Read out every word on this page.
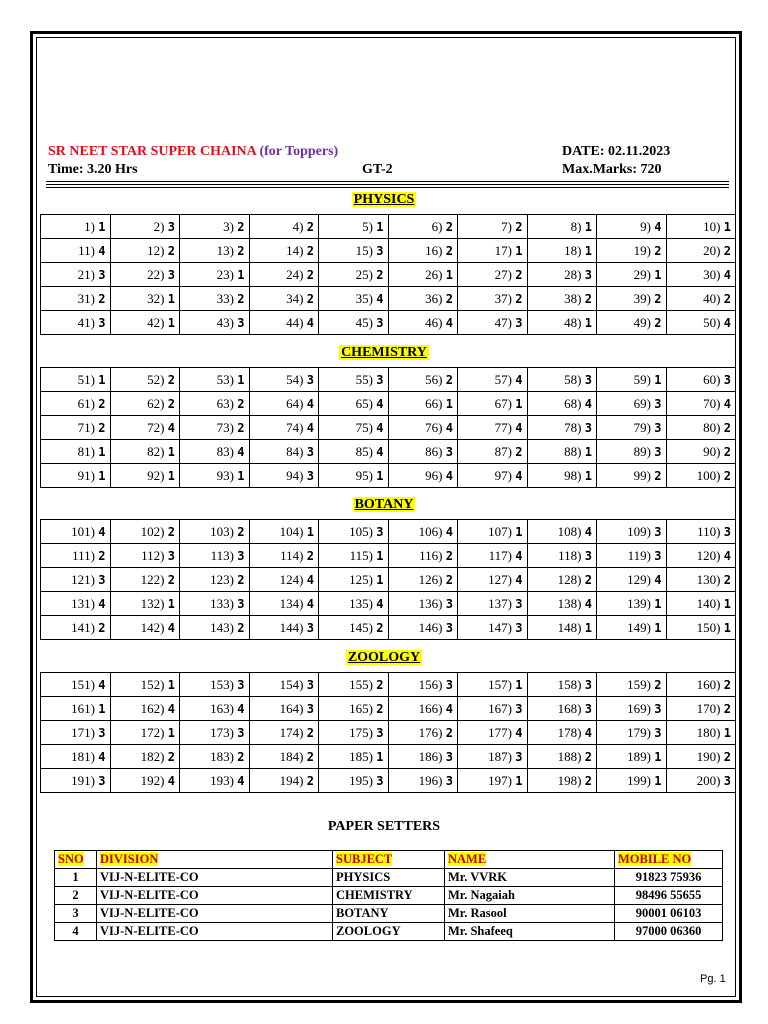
SR NEET STAR SUPER CHAINA (for Toppers)	DATE: 02.11.2023
Time: 3.20 Hrs	GT-2	Max.Marks: 720
PHYSICS
1) 1	2) 3	3) 2	4) 2	5) 1	6) 2	7) 2	8) 1	9) 4	10) 1
11) 4	12) 2	13) 2	14) 2	15) 3	16) 2	17) 1	18) 1	19) 2	20) 2
21) 3	22) 3	23) 1	24) 2	25) 2	26) 1	27) 2	28) 3	29) 1	30) 4
31) 2	32) 1	33) 2	34) 2	35) 4	36) 2	37) 2	38) 2	39) 2	40) 2
41) 3	42) 1	43) 3	44) 4	45) 3	46) 4	47) 3	48) 1	49) 2	50) 4
CHEMISTRY
51) 1	52) 2	53) 1	54) 3	55) 3	56) 2	57) 4	58) 3	59) 1	60) 3
61) 2	62) 2	63) 2	64) 4	65) 4	66) 1	67) 1	68) 4	69) 3	70) 4
71) 2	72) 4	73) 2	74) 4	75) 4	76) 4	77) 4	78) 3	79) 3	80) 2
81) 1	82) 1	83) 4	84) 3	85) 4	86) 3	87) 2	88) 1	89) 3	90) 2
91) 1	92) 1	93) 1	94) 3	95) 1	96) 4	97) 4	98) 1	99) 2	100) 2
BOTANY
101) 4	102) 2	103) 2	104) 1	105) 3	106) 4	107) 1	108) 4	109) 3	110) 3
111) 2	112) 3	113) 3	114) 2	115) 1	116) 2	117) 4	118) 3	119) 3	120) 4
121) 3	122) 2	123) 2	124) 4	125) 1	126) 2	127) 4	128) 2	129) 4	130) 2
131) 4	132) 1	133) 3	134) 4	135) 4	136) 3	137) 3	138) 4	139) 1	140) 1
141) 2	142) 4	143) 2	144) 3	145) 2	146) 3	147) 3	148) 1	149) 1	150) 1
ZOOLOGY
151) 4	152) 1	153) 3	154) 3	155) 2	156) 3	157) 1	158) 3	159) 2	160) 2
161) 1	162) 4	163) 4	164) 3	165) 2	166) 4	167) 3	168) 3	169) 3	170) 2
171) 3	172) 1	173) 3	174) 2	175) 3	176) 2	177) 4	178) 4	179) 3	180) 1
181) 4	182) 2	183) 2	184) 2	185) 1	186) 3	187) 3	188) 2	189) 1	190) 2
191) 3	192) 4	193) 4	194) 2	195) 3	196) 3	197) 1	198) 2	199) 1	200) 3
PAPER SETTERS
SNO	DIVISION	SUBJECT	NAME	MOBILE NO
1	VIJ-N-ELITE-CO	PHYSICS	Mr. VVRK	91823 75936
2	VIJ-N-ELITE-CO	CHEMISTRY	Mr. Nagaiah	98496 55655
3	VIJ-N-ELITE-CO	BOTANY	Mr. Rasool	90001 06103
4	VIJ-N-ELITE-CO	ZOOLOGY	Mr. Shafeeq	97000 06360
Pg. 1
